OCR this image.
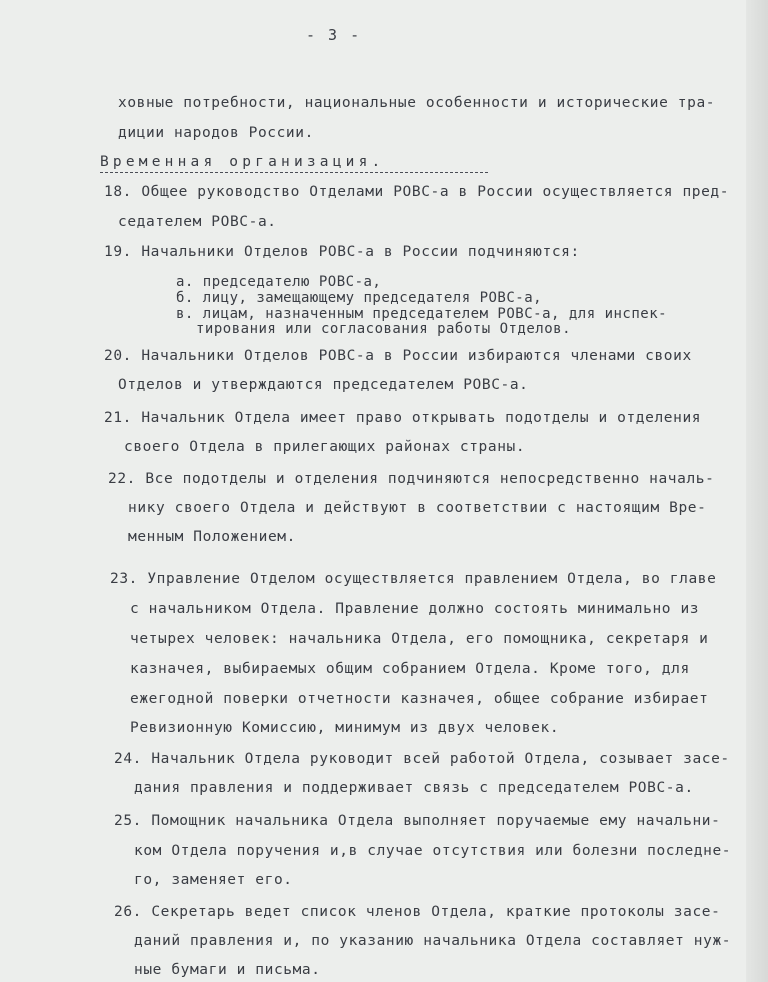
- 3 -
ховные потребности, национальные особенности и исторические тра-
диции народов России.
Временная организация.
18. Общее руководство Отделами РОВС-а в России осуществляется пред-
седателем РОВС-а.
19. Начальники Отделов РОВС-а в России подчиняются:
а. председателю РОВС-а,
б. лицу, замещающему председателя РОВС-а,
в. лицам, назначенным председателем РОВС-а, для инспек-
тирования или согласования работы Отделов.
20. Начальники Отделов РОВС-а в России избираются членами своих
Отделов и утверждаются председателем РОВС-а.
21. Начальник Отдела имеет право открывать подотделы и отделения
своего Отдела в прилегающих районах страны.
22. Все подотделы и отделения подчиняются непосредственно началь-
нику своего Отдела и действуют в соответствии с настоящим Вре-
менным Положением.
23. Управление Отделом осуществляется правлением Отдела, во главе
с начальником Отдела. Правление должно состоять минимально из
четырех человек: начальника Отдела, его помощника, секретаря и
казначея, выбираемых общим собранием Отдела. Кроме того, для
ежегодной поверки отчетности казначея, общее собрание избирает
Ревизионную Комиссию, минимум из двух человек.
24. Начальник Отдела руководит всей работой Отдела, созывает засе-
дания правления и поддерживает связь с председателем РОВС-а.
25. Помощник начальника Отдела выполняет поручаемые ему начальни-
ком Отдела поручения и,в случае отсутствия или болезни последне-
го, заменяет его.
26. Секретарь ведет список членов Отдела, краткие протоколы засе-
даний правления и, по указанию начальника Отдела составляет нуж-
ные бумаги и письма.
